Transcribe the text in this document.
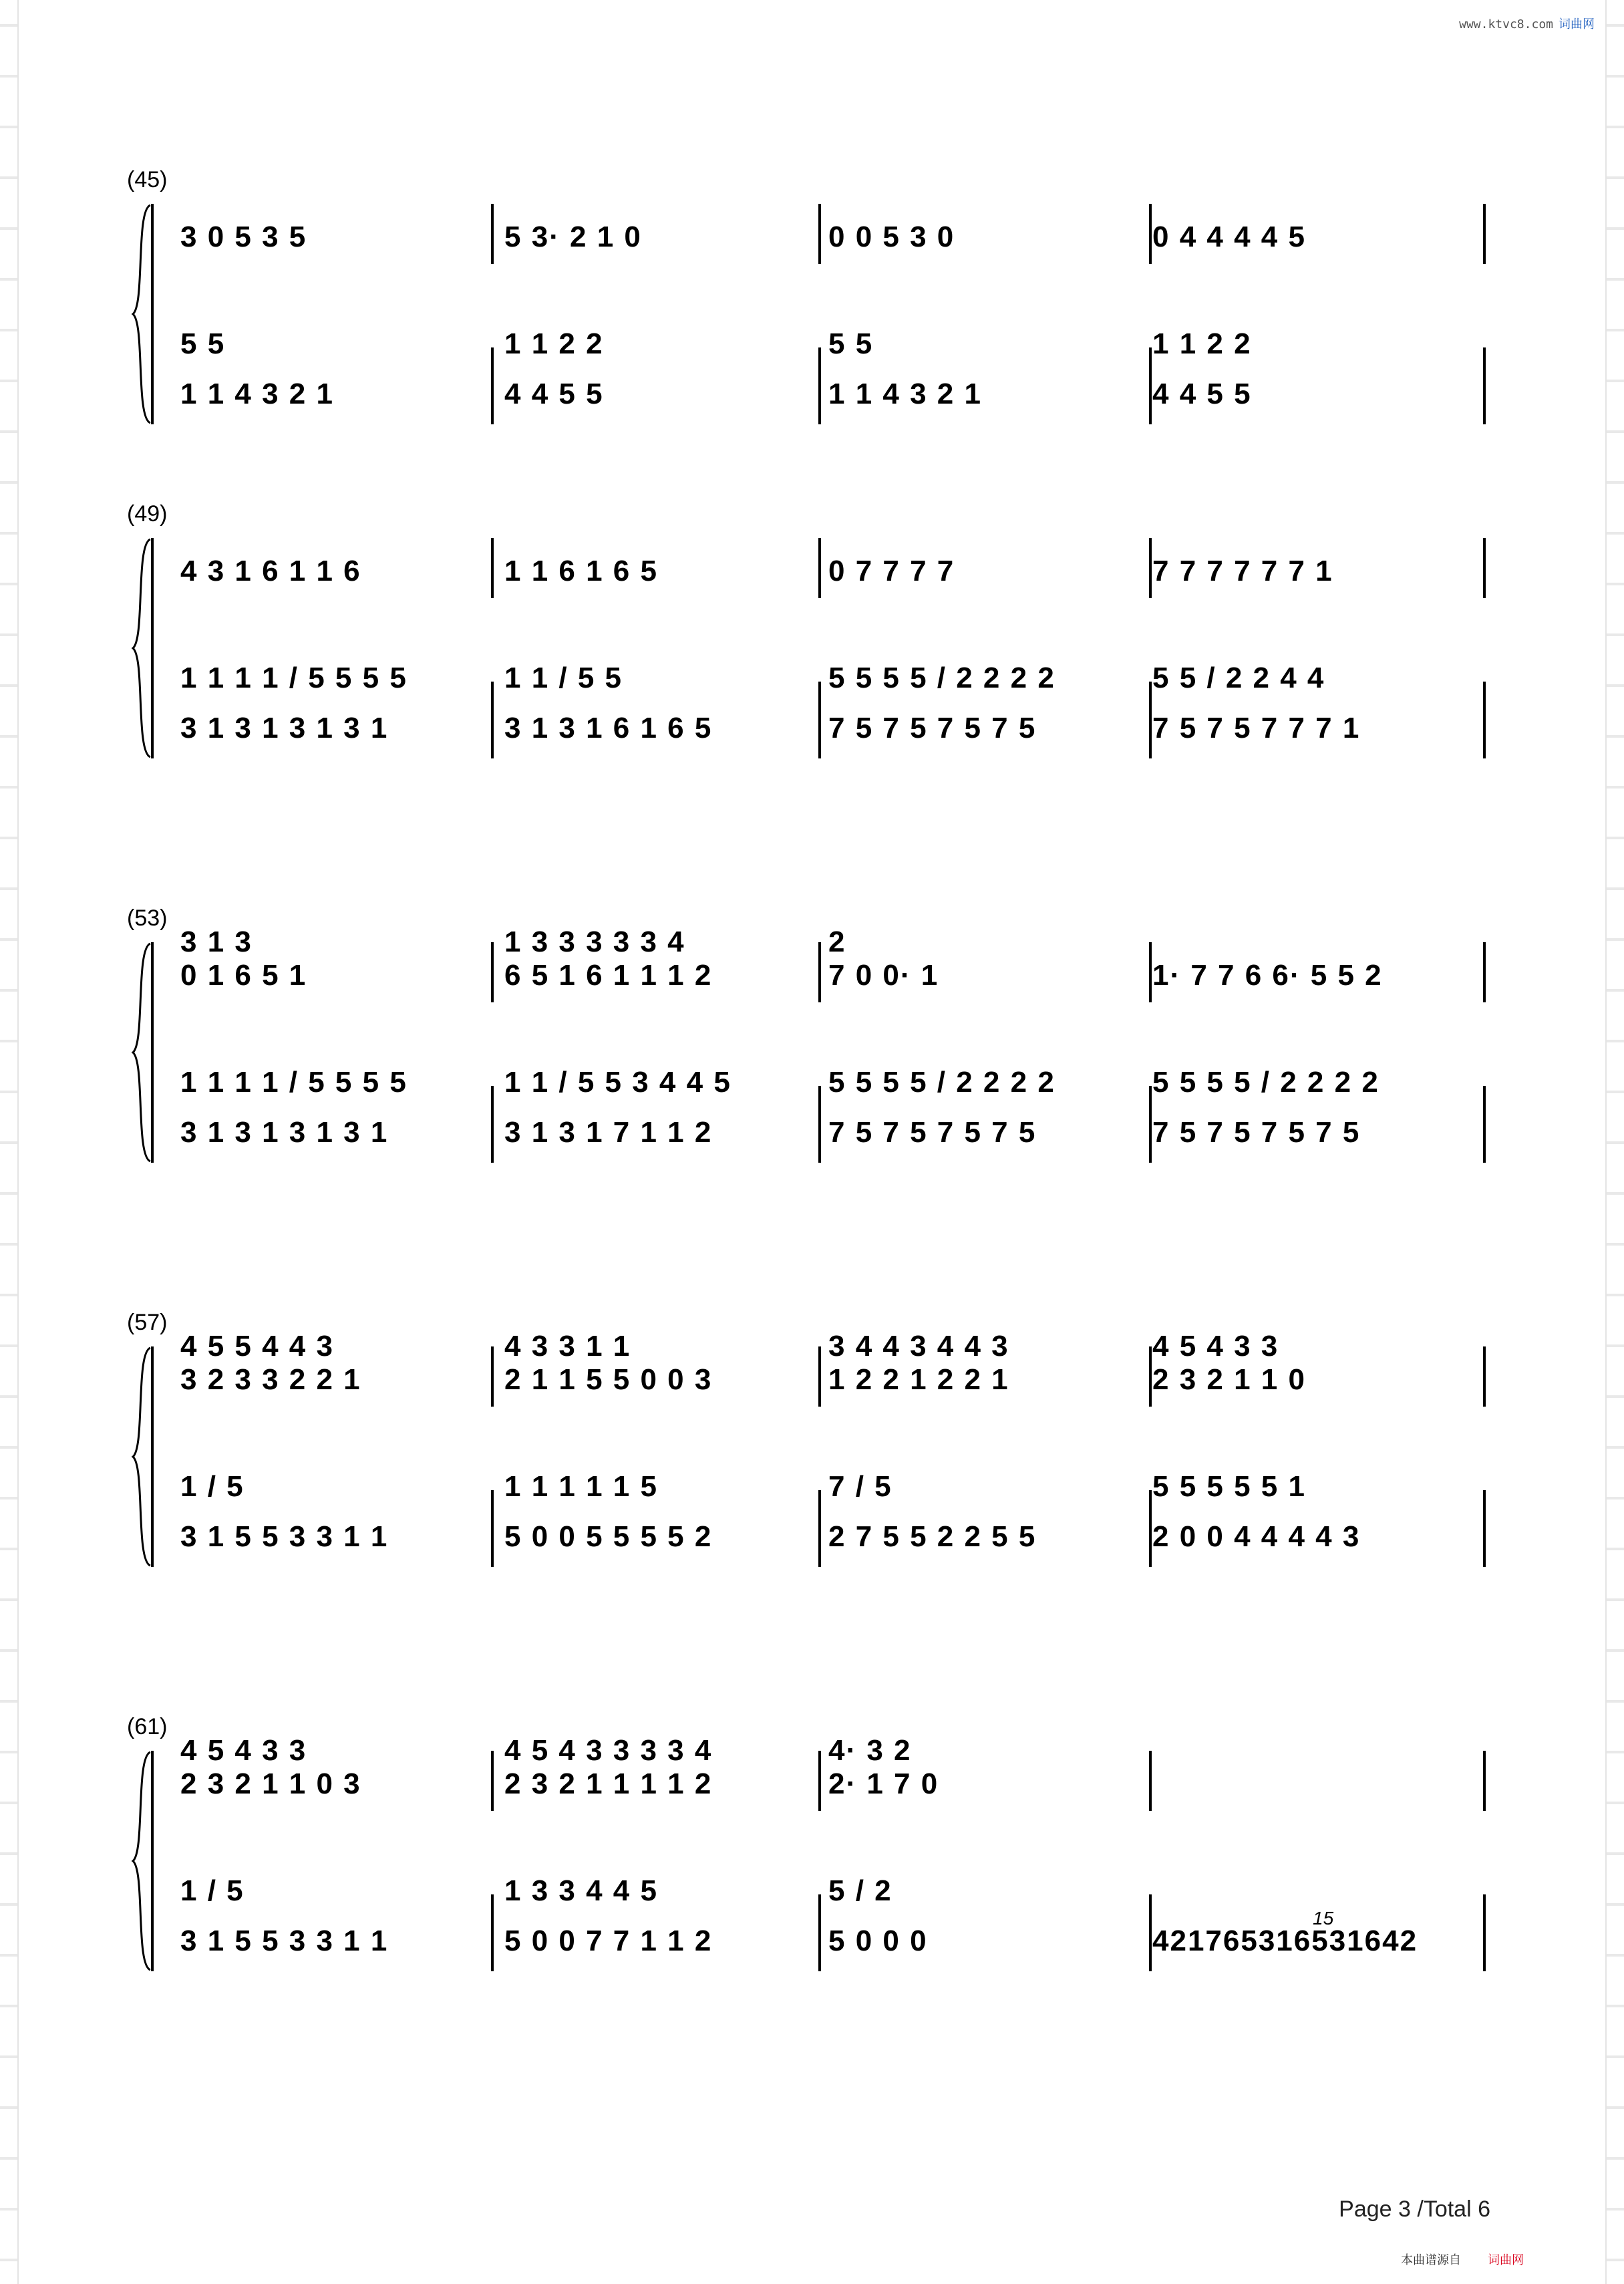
www.ktvc8.com 词曲网
(45)
3 0 5 3 5	5 3· 2 1 0	0 0 5 3 0	0 4 4 4 4 5
5 5	1 1 2 2	5 5	1 1 2 2
1 1 4 3 2 1	4 4 5 5	1 1 4 3 2 1	4 4 5 5
(49)
4 3 1 6 1 1 6	1 1 6 1 6 5	0 7 7 7 7	7 7 7 7 7 7 1
1 1 1 1 / 5 5 5 5	1 1 / 5 5	5 5 5 5 / 2 2 2 2	5 5 / 2 2 4 4
3 1 3 1 3 1 3 1	3 1 3 1 6 1 6 5	7 5 7 5 7 5 7 5	7 5 7 5 7 7 7 1
(53)
3 1 3	1 3 3 3 3 3 4	2
0 1 6 5 1	6 5 1 6 1 1 1 2	7 0 0· 1	1· 7 7 6 6· 5 5 2
1 1 1 1 / 5 5 5 5	1 1 / 5 5 3 4 4 5	5 5 5 5 / 2 2 2 2	5 5 5 5 / 2 2 2 2
3 1 3 1 3 1 3 1	3 1 3 1 7 1 1 2	7 5 7 5 7 5 7 5	7 5 7 5 7 5 7 5
(57)
4 5 5 4 4 3	4 3 3 1 1	3 4 4 3 4 4 3	4 5 4 3 3
3 2 3 3 2 2 1	2 1 1 5 5 0 0 3	1 2 2 1 2 2 1	2 3 2 1 1 0
1 / 5	1 1 1 1 1 5	7 / 5	5 5 5 5 5 1
3 1 5 5 3 3 1 1	5 0 0 5 5 5 5 2	2 7 5 5 2 2 5 5	2 0 0 4 4 4 4 3
(61)
4 5 4 3 3	4 5 4 3 3 3 3 4	4· 3 2
2 3 2 1 1 0 3	2 3 2 1 1 1 1 2	2· 1 7 0
1 / 5	1 3 3 4 4 5	5 / 2
3 1 5 5 3 3 1 1	5 0 0 7 7 1 1 2	5 0 0 0	421765316531642
15
Page 3 /Total 6
本曲谱源自 词曲网
